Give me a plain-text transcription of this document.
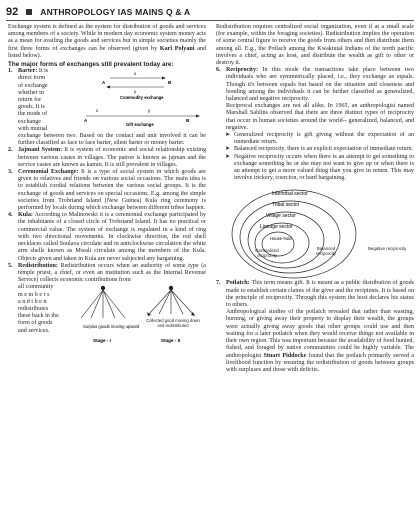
92	ANTHROPOLOGY IAS MAINS Q & A

Exchange system is defined as the system for distribution of goods and services among members of a society. While in modern day economic system money acts as a mean for availing the goods and services but in simple societies mainly the first three forms of exchanges can be observed (given by Karl Polyani and listed below).

The major forms of exchanges still prevalent today are:

1. Barter: It is
direct form
of exchange
whether in
return for
goods. It is
the mode of
exchange
with mutual
x
A	B
y
Commodity exchange
x	y
A	B
Gift exchange

exchange between two. Based on the contact and unit involved it can be further classified as face to face barter, silent barter or money barter.

2. Jajmani System: It is system of economic and social relationship existing between various castes in villages. The patron is known as jajman and the service castes are known as kamin. It is still prevalent in villages.

3. Ceremonial Exchange: It is a type of social system in which goods are given to relatives and friends on various social occasions. The main idea is to establish cordial relations between the various social groups. It is the exchange of goods and services on special occasions. E.g. among the simple societies from Trobriand Island (New Guinea) Kula ring ceremony is performed by locals during which exchange between different tribes happen.

4. Kula: According to Malinowski it is a ceremonial exchange participated by the inhabitants of a closed circle of Trobriand Island. It has no practical or commercial value. The system of exchange is regulated in a kind of ring with two directional movements. In clockwise direction, the red shell necklaces called Soulava circulate and in anticlockwise circulation the white arm shells known as Mwali circulate among the members of the Kula. Objects given and taken in Kula are never subjected any bargaining.

5. Redistribution: Redistribution occurs when an authority of some type (a temple priest, a chief, or even an institution such as the Internal Revenue Service) collects economic contributions from

all community
m e m b e r s
a n d t h e n
redistributes
these back in the
form of goods
and services.
Surplus goods moving upward
Stage - I
Collected good moving down and redistributed
Stage - II

Redistribution requires centralized social organization, even if at a small scale (for example, within the foraging societies). Redistribution implies the operation of some central figure to receive the goods from others and then distribute them among all. E.g., the Potlach among the Kwakiutal Indians of the north pacific involves a chief, acting as host, and distribute the wealth as gift to other or destroy it.

6. Reciprocity: In this mode the transactions take place between two individuals who are symmetrically placed, i.e., they exchange as equals. Though it's between equals but based on the situation and closeness and bonding among the individuals it can be further classified as generalized, balanced and negative reciprocity.

Reciprocal exchanges are not all alike. In 1965, an anthropologist named Marshall Sahlins observed that there are three distinct types of reciprocity that occur in human societies around the world-- generalized, balanced, and negative.

➤ Generalized reciprocity is gift giving without the expectation of an immediate return.

➤ Balanced reciprocity, there is an explicit expectation of immediate return.

➤ Negative reciprocity occurs when there is an attempt to get something to exchange something he or she may not want to give up or when there is an attempt to get a more valued thing than you give in return. This may involve trickery, coercion, or hard bargaining.

Intertribal sector
Tribal sector
Village sector
Lineage sector
House-hold
Generalized reciprocity
Balanced reciprocity
Negative reciprocity
7. Potlatch: This term means gift. It is meant as a public distribution of goods made to establish certain claims of the giver and the recipients. It is based on the principle of reciprocity. Through this system the host declares his status to others.

Anthropological studies of the potlatch revealed that rather than wasting, burning, or giving away their property to display their wealth, the groups were actually giving away goods that other groups could use and then waiting for a later potlatch when they would receive things not available in their own region. This was important because the availability of food hunted, fished, and foraged by native communities could be highly variable. The anthropologist Stuart Piddocke found that the potlatch primarily served a livelihood function by ensuring the redistribution of goods between groups with surpluses and those with deficits.
